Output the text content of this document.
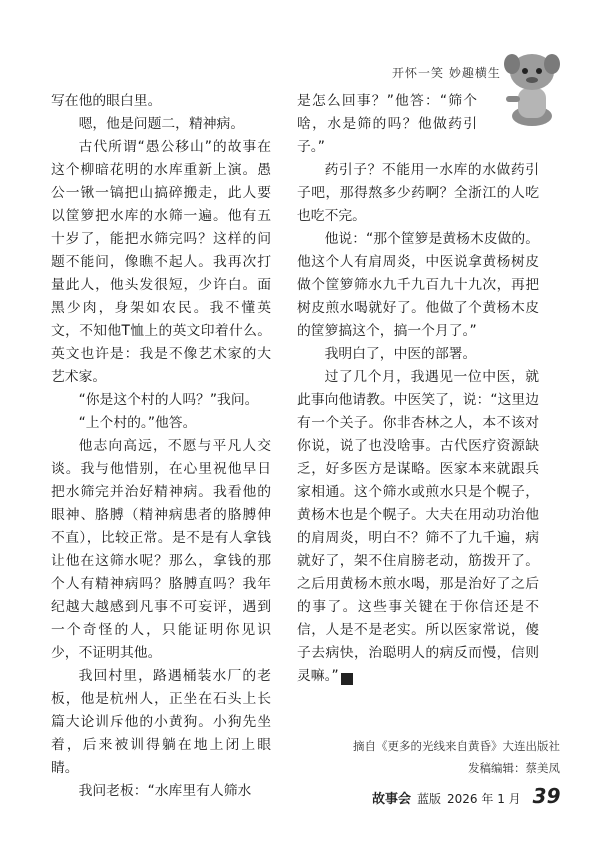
开怀一笑 妙趣横生

写在他的眼白里。

嗯，他是问题二，精神病。

古代所谓“愚公移山”的故事在这个柳暗花明的水库重新上演。愚公一锹一镐把山搞碎搬走，此人要以筐箩把水库的水筛一遍。他有五十岁了，能把水筛完吗？这样的问题不能问，像瞧不起人。我再次打量此人，他头发很短，少许白。面黑少肉，身架如农民。我不懂英文，不知他T恤上的英文印着什么。英文也许是：我是不像艺术家的大艺术家。

“你是这个村的人吗？”我问。

“上个村的。”他答。

他志向高远，不愿与平凡人交谈。我与他惜别，在心里祝他早日把水筛完并治好精神病。我看他的眼神、胳膊（精神病患者的胳膊伸不直），比较正常。是不是有人拿钱让他在这筛水呢？那么，拿钱的那个人有精神病吗？胳膊直吗？我年纪越大越感到凡事不可妄评，遇到一个奇怪的人，只能证明你见识少，不证明其他。

我回村里，路遇桶装水厂的老板，他是杭州人，正坐在石头上长篇大论训斥他的小黄狗。小狗先坐着，后来被训得躺在地上闭上眼睛。

我问老板：“水库里有人筛水

是怎么回事？”他答：“筛个啥，水是筛的吗？他做药引子。”

药引子？不能用一水库的水做药引子吧，那得熬多少药啊？全浙江的人吃也吃不完。

他说：“那个筐箩是黄杨木皮做的。他这个人有肩周炎，中医说拿黄杨树皮做个筐箩筛水九千九百九十九次，再把树皮煎水喝就好了。他做了个黄杨木皮的筐箩搞这个，搞一个月了。”

我明白了，中医的部署。

过了几个月，我遇见一位中医，就此事向他请教。中医笑了，说：“这里边有一个关子。你非杏林之人，本不该对你说，说了也没啥事。古代医疗资源缺乏，好多医方是谋略。医家本来就跟兵家相通。这个筛水或煎水只是个幌子，黄杨木也是个幌子。大夫在用动功治他的肩周炎，明白不？筛不了九千遍，病就好了，架不住肩膀老动，筋拨开了。之后用黄杨木煎水喝，那是治好了之后的事了。这些事关键在于你信还是不信，人是不是老实。所以医家常说，傻子去病快，治聪明人的病反而慢，信则灵嘛。”	故

摘自《更多的光线来自黄昏》大连出版社
发稿编辑：蔡美凤
故事会 蓝版 2026 年 1 月 39
